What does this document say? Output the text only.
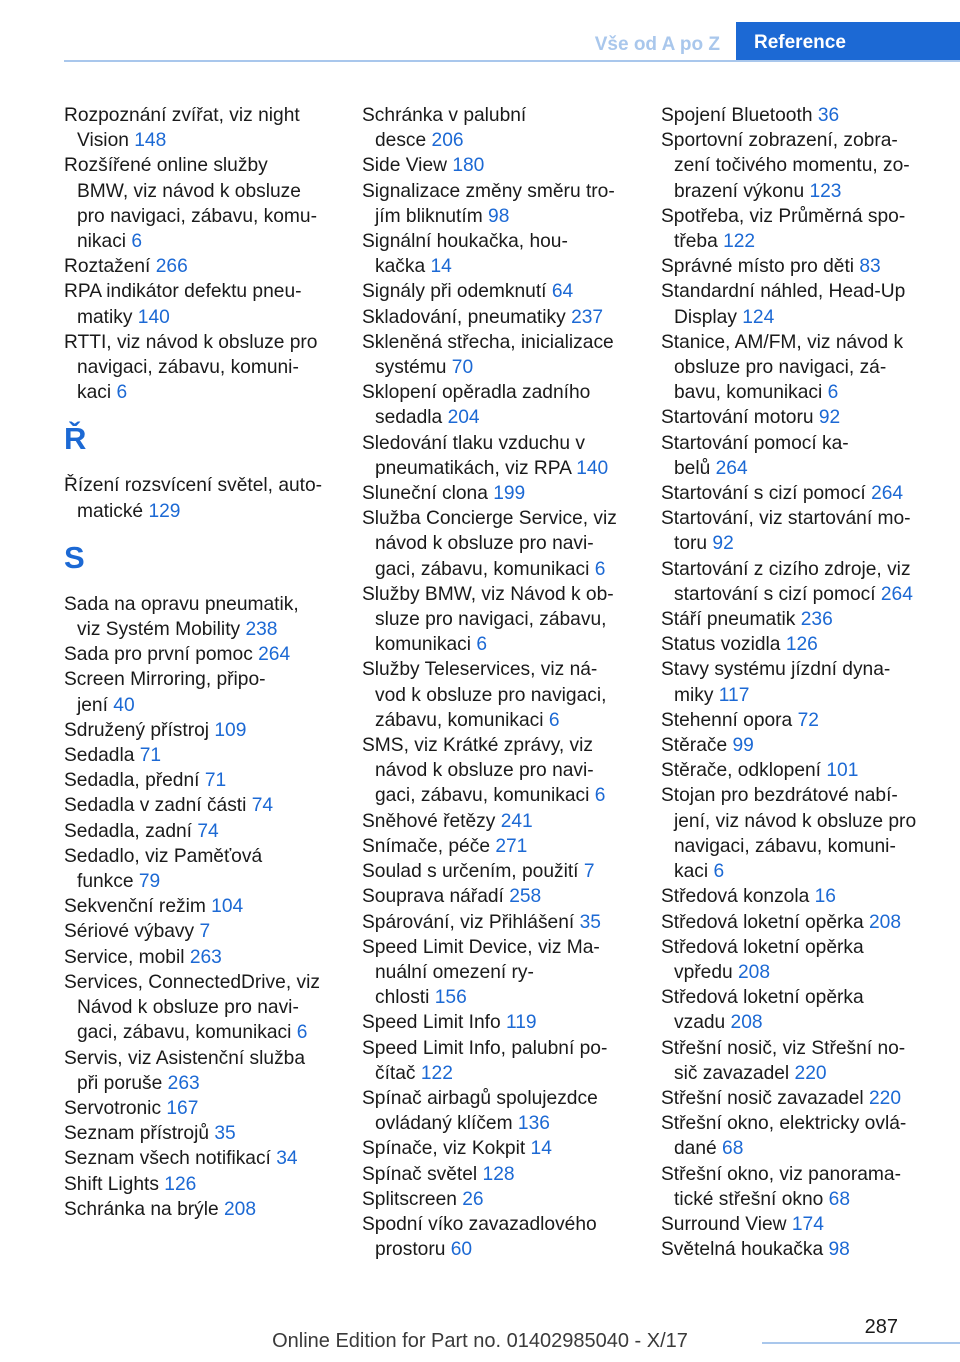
Vše od A po Z	Reference

Rozpoznání zvířat, viz night
Vision 148

Rozšířené online služby
BMW, viz návod k obsluze
pro navigaci, zábavu, komu‐
nikaci 6

Roztažení 266

RPA indikátor defektu pneu‐
matiky 140

RTTI, viz návod k obsluze pro
navigaci, zábavu, komuni‐
kaci 6

Ř

Řízení rozsvícení světel, auto‐
matické 129

S

Sada na opravu pneumatik,
viz Systém Mobility 238

Sada pro první pomoc 264

Screen Mirroring, připo‐
jení 40

Sdružený přístroj 109

Sedadla 71

Sedadla, přední 71

Sedadla v zadní části 74

Sedadla, zadní 74

Sedadlo, viz Paměťová
funkce 79

Sekvenční režim 104

Sériové výbavy 7

Service, mobil 263

Services, ConnectedDrive, viz
Návod k obsluze pro navi‐
gaci, zábavu, komunikaci 6

Servis, viz Asistenční služba
při poruše 263

Servotronic 167

Seznam přístrojů 35

Seznam všech notifikací 34

Shift Lights 126

Schránka na brýle 208

Schránka v palubní
desce 206

Side View 180

Signalizace změny směru tro‐
jím bliknutím 98

Signální houkačka, hou‐
kačka 14

Signály při odemknutí 64

Skladování, pneumatiky 237

Skleněná střecha, inicializace
systému 70

Sklopení opěradla zadního
sedadla 204

Sledování tlaku vzduchu v
pneumatikách, viz RPA 140

Sluneční clona 199

Služba Concierge Service, viz
návod k obsluze pro navi‐
gaci, zábavu, komunikaci 6

Služby BMW, viz Návod k ob‐
sluze pro navigaci, zábavu,
komunikaci 6

Služby Teleservices, viz ná‐
vod k obsluze pro navigaci,
zábavu, komunikaci 6

SMS, viz Krátké zprávy, viz
návod k obsluze pro navi‐
gaci, zábavu, komunikaci 6

Sněhové řetězy 241

Snímače, péče 271

Soulad s určením, použití 7

Souprava nářadí 258

Spárování, viz Přihlášení 35

Speed Limit Device, viz Ma‐
nuální omezení ry‐
chlosti 156

Speed Limit Info 119

Speed Limit Info, palubní po‐
čítač 122

Spínač airbagů spolujezdce
ovládaný klíčem 136

Spínače, viz Kokpit 14

Spínač světel 128

Splitscreen 26

Spodní víko zavazadlového
prostoru 60

Spojení Bluetooth 36

Sportovní zobrazení, zobra‐
zení točivého momentu, zo‐
brazení výkonu 123

Spotřeba, viz Průměrná spo‐
třeba 122

Správné místo pro děti 83

Standardní náhled, Head-Up
Display 124

Stanice, AM/FM, viz návod k
obsluze pro navigaci, zá‐
bavu, komunikaci 6

Startování motoru 92

Startování pomocí ka‐
belů 264

Startování s cizí pomocí 264

Startování, viz startování mo‐
toru 92

Startování z cizího zdroje, viz
startování s cizí pomocí 264

Stáří pneumatik 236

Status vozidla 126

Stavy systému jízdní dyna‐
miky 117

Stehenní opora 72

Stěrače 99

Stěrače, odklopení 101

Stojan pro bezdrátové nabí‐
jení, viz návod k obsluze pro
navigaci, zábavu, komuni‐
kaci 6

Středová konzola 16

Středová loketní opěrka 208

Středová loketní opěrka
vpředu 208

Středová loketní opěrka
vzadu 208

Střešní nosič, viz Střešní no‐
sič zavazadel 220

Střešní nosič zavazadel 220

Střešní okno, elektricky ovlá‐
dané 68

Střešní okno, viz panorama‐
tické střešní okno 68

Surround View 174

Světelná houkačka 98

287
Online Edition for Part no. 01402985040 - X/17
